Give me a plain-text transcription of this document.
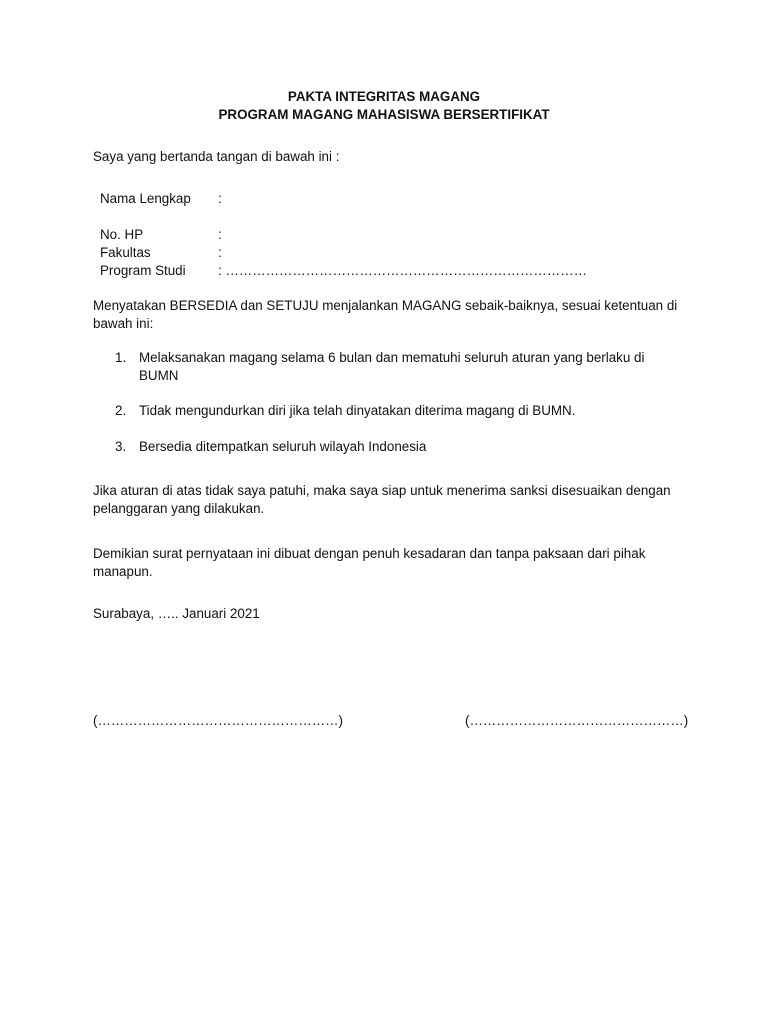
PAKTA INTEGRITAS MAGANG
PROGRAM MAGANG MAHASISWA BERSERTIFIKAT
Saya yang bertanda tangan di bawah ini :
Nama Lengkap :
No. HP	:
Fakultas	:
Program Studi : ………………………………………………………………………
Menyatakan BERSEDIA dan SETUJU menjalankan MAGANG sebaik-baiknya, sesuai ketentuan di bawah ini:
1. Melaksanakan magang selama 6 bulan dan mematuhi seluruh aturan yang berlaku di BUMN
2. Tidak mengundurkan diri jika telah dinyatakan diterima magang di BUMN.
3. Bersedia ditempatkan seluruh wilayah Indonesia
Jika aturan di atas tidak saya patuhi, maka saya siap untuk menerima sanksi disesuaikan dengan pelanggaran yang dilakukan.
Demikian surat pernyataan ini dibuat dengan penuh kesadaran dan tanpa paksaan dari pihak manapun.
Surabaya, ….. Januari 2021
(………………………………………………)	(…………………………………………)
